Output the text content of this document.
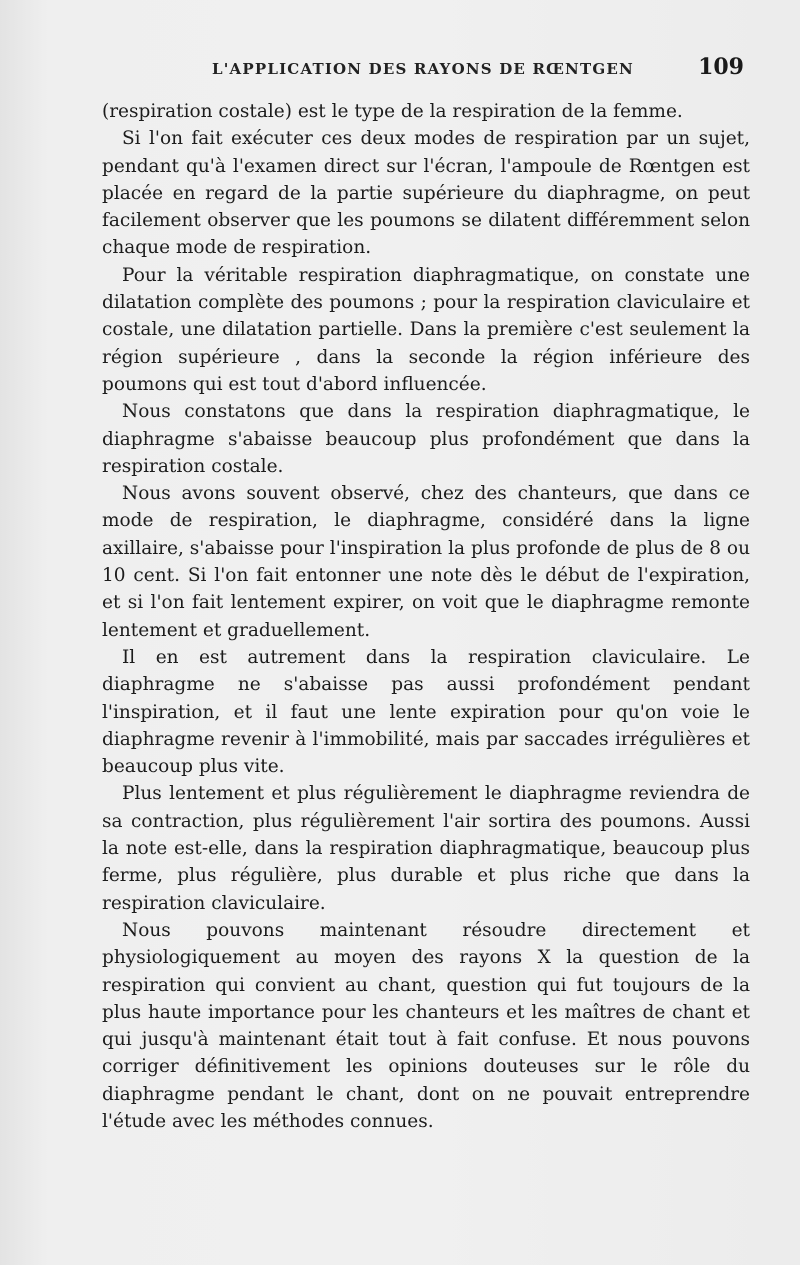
L'APPLICATION DES RAYONS DE RŒNTGEN	109

(respiration costale) est le type de la respiration de la femme.

Si l'on fait exécuter ces deux modes de respiration par un sujet, pendant qu'à l'examen direct sur l'écran, l'ampoule de Rœntgen est placée en regard de la partie supérieure du diaphragme, on peut facilement observer que les poumons se dilatent différemment selon chaque mode de respiration.

Pour la véritable respiration diaphragmatique, on constate une dilatation complète des poumons ; pour la respiration claviculaire et costale, une dilatation partielle. Dans la première c'est seulement la région supérieure , dans la seconde la région inférieure des poumons qui est tout d'abord influencée.

Nous constatons que dans la respiration diaphragmatique, le diaphragme s'abaisse beaucoup plus profondément que dans la respiration costale.

Nous avons souvent observé, chez des chanteurs, que dans ce mode de respiration, le diaphragme, considéré dans la ligne axillaire, s'abaisse pour l'inspiration la plus profonde de plus de 8 ou 10 cent. Si l'on fait entonner une note dès le début de l'expiration, et si l'on fait lentement expirer, on voit que le diaphragme remonte lentement et graduellement.

Il en est autrement dans la respiration claviculaire. Le diaphragme ne s'abaisse pas aussi profondément pendant l'inspiration, et il faut une lente expiration pour qu'on voie le diaphragme revenir à l'immobilité, mais par saccades irrégulières et beaucoup plus vite.

Plus lentement et plus régulièrement le diaphragme reviendra de sa contraction, plus régulièrement l'air sortira des poumons. Aussi la note est-elle, dans la respiration diaphragmatique, beaucoup plus ferme, plus régulière, plus durable et plus riche que dans la respiration claviculaire.

Nous pouvons maintenant résoudre directement et physiologiquement au moyen des rayons X la question de la respiration qui convient au chant, question qui fut toujours de la plus haute importance pour les chanteurs et les maîtres de chant et qui jusqu'à maintenant était tout à fait confuse. Et nous pouvons corriger définitivement les opinions douteuses sur le rôle du diaphragme pendant le chant, dont on ne pouvait entreprendre l'étude avec les méthodes connues.
